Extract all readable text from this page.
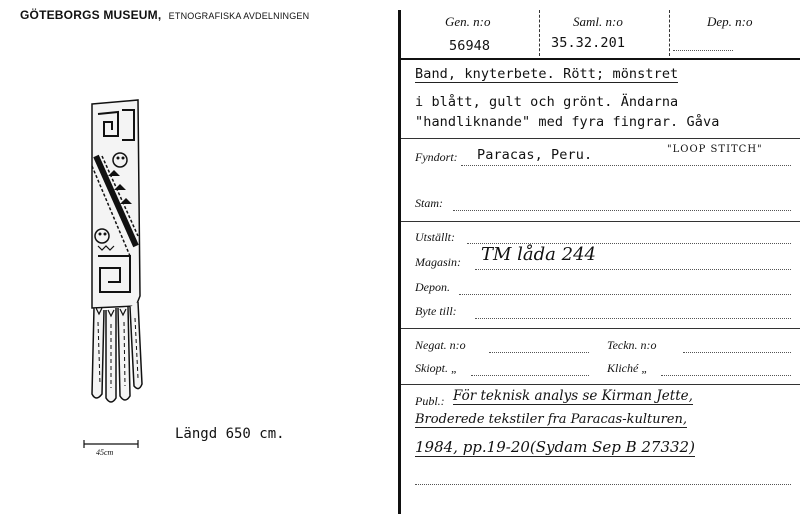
GÖTEBORGS MUSEUM, ETNOGRAFISKA AVDELNINGEN
45cm
Längd 650 cm.
Gen. n:o	Saml. n:o	Dep. n:o
56948	35.32.201
Band, knyterbete. Rött; mönstret
i blått, gult och grönt. Ändarna
"handliknande" med fyra fingrar. Gåva
Fyndort: Paracas, Peru.	"LOOP STITCH"
Stam:
Utställt:
Magasin: TM låda 244
Depon.
Byte till:
Negat. n:o	Teckn. n:o
Skiopt. „	Kliché „
Publ.: För teknisk analys se Kirman Jette,
Broderede tekstiler fra Paracas-kulturen,
1984, pp.19-20(Sydam Sep B 27332)
